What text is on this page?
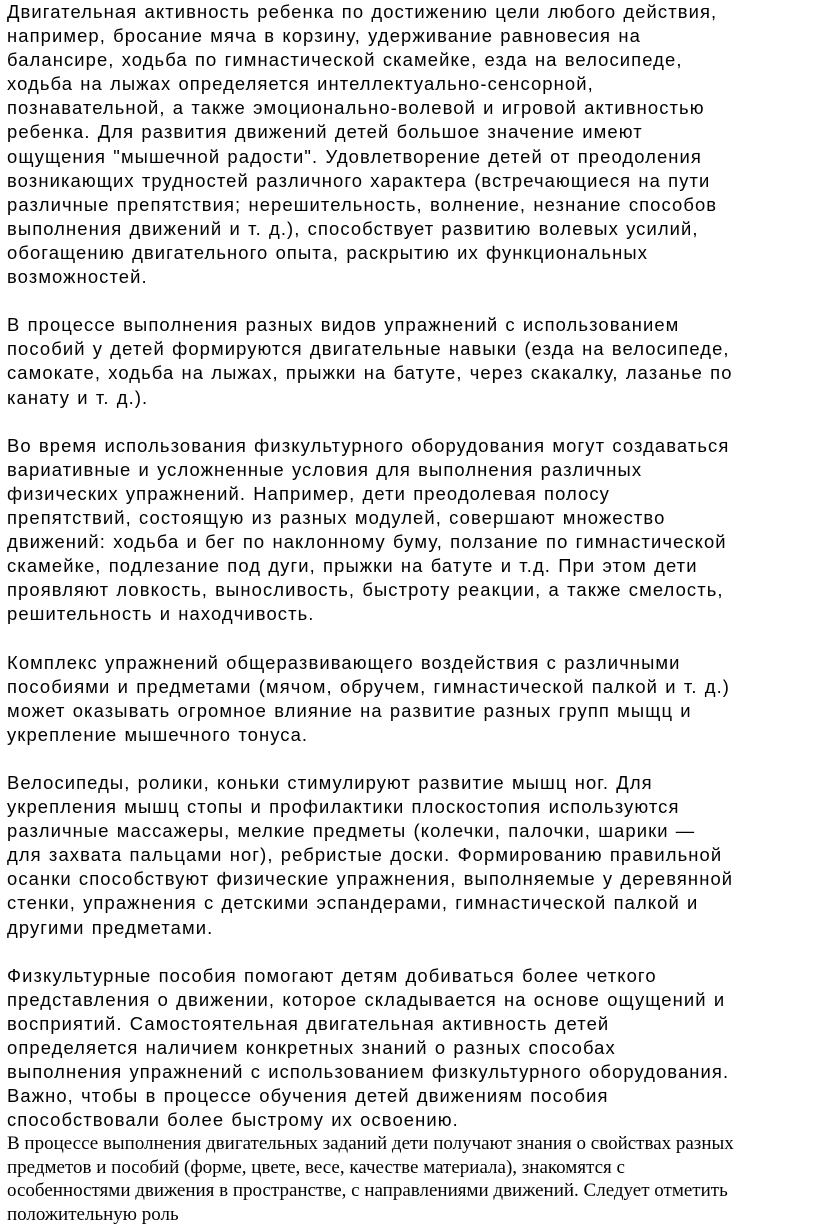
Двигательная активность ребенка по достижению цели любого действия,
например, бросание мяча в корзину, удерживание равновесия на
балансире, ходьба по гимнастической скамейке, езда на велосипеде,
ходьба на лыжах определяется интеллектуально-сенсорной,
познавательной, а также эмоционально-волевой и игровой активностью
ребенка. Для развития движений детей большое значение имеют
ощущения "мышечной радости". Удовлетворение детей от преодоления
возникающих трудностей различного характера (встречающиеся на пути
различные препятствия; нерешительность, волнение, незнание способов
выполнения движений и т. д.), способствует развитию волевых усилий,
обогащению двигательного опыта, раскрытию их функциональных
возможностей.

В процессе выполнения разных видов упражнений с использованием
пособий у детей формируются двигательные навыки (езда на велосипеде,
самокате, ходьба на лыжах, прыжки на батуте, через скакалку, лазанье по
канату и т. д.).

Во время использования физкультурного оборудования могут создаваться
вариативные и усложненные условия для выполнения различных
физических упражнений. Например, дети преодолевая полосу
препятствий, состоящую из разных модулей, совершают множество
движений: ходьба и бег по наклонному буму, ползание по гимнастической
скамейке, подлезание под дуги, прыжки на батуте и т.д. При этом дети
проявляют ловкость, выносливость, быстроту реакции, а также смелость,
решительность и находчивость.

Комплекс упражнений общеразвивающего воздействия с различными
пособиями и предметами (мячом, обручем, гимнастической палкой и т. д.)
может оказывать огромное влияние на развитие разных групп мыщц и
укрепление мышечного тонуса.

Велосипеды, ролики, коньки стимулируют развитие мышц ног. Для
укрепления мышц стопы и профилактики плоскостопия используются
различные массажеры, мелкие предметы (колечки, палочки, шарики —
для захвата пальцами ног), ребристые доски. Формированию правильной
осанки способствуют физические упражнения, выполняемые у деревянной
стенки, упражнения с детскими эспандерами, гимнастической палкой и
другими предметами.

Физкультурные пособия помогают детям добиваться более четкого
представления о движении, которое складывается на основе ощущений и
восприятий. Самостоятельная двигательная активность детей
определяется наличием конкретных знаний о разных способах
выполнения упражнений с использованием физкультурного оборудования.
Важно, чтобы в процессе обучения детей движениям пособия
способствовали более быстрому их освоению.

В процессе выполнения двигательных заданий дети получают знания о свойствах разных
предметов и пособий (форме, цвете, весе, качестве материала), знакомятся с
особенностями движения в пространстве, с направлениями движений. Следует отметить
положительную роль
